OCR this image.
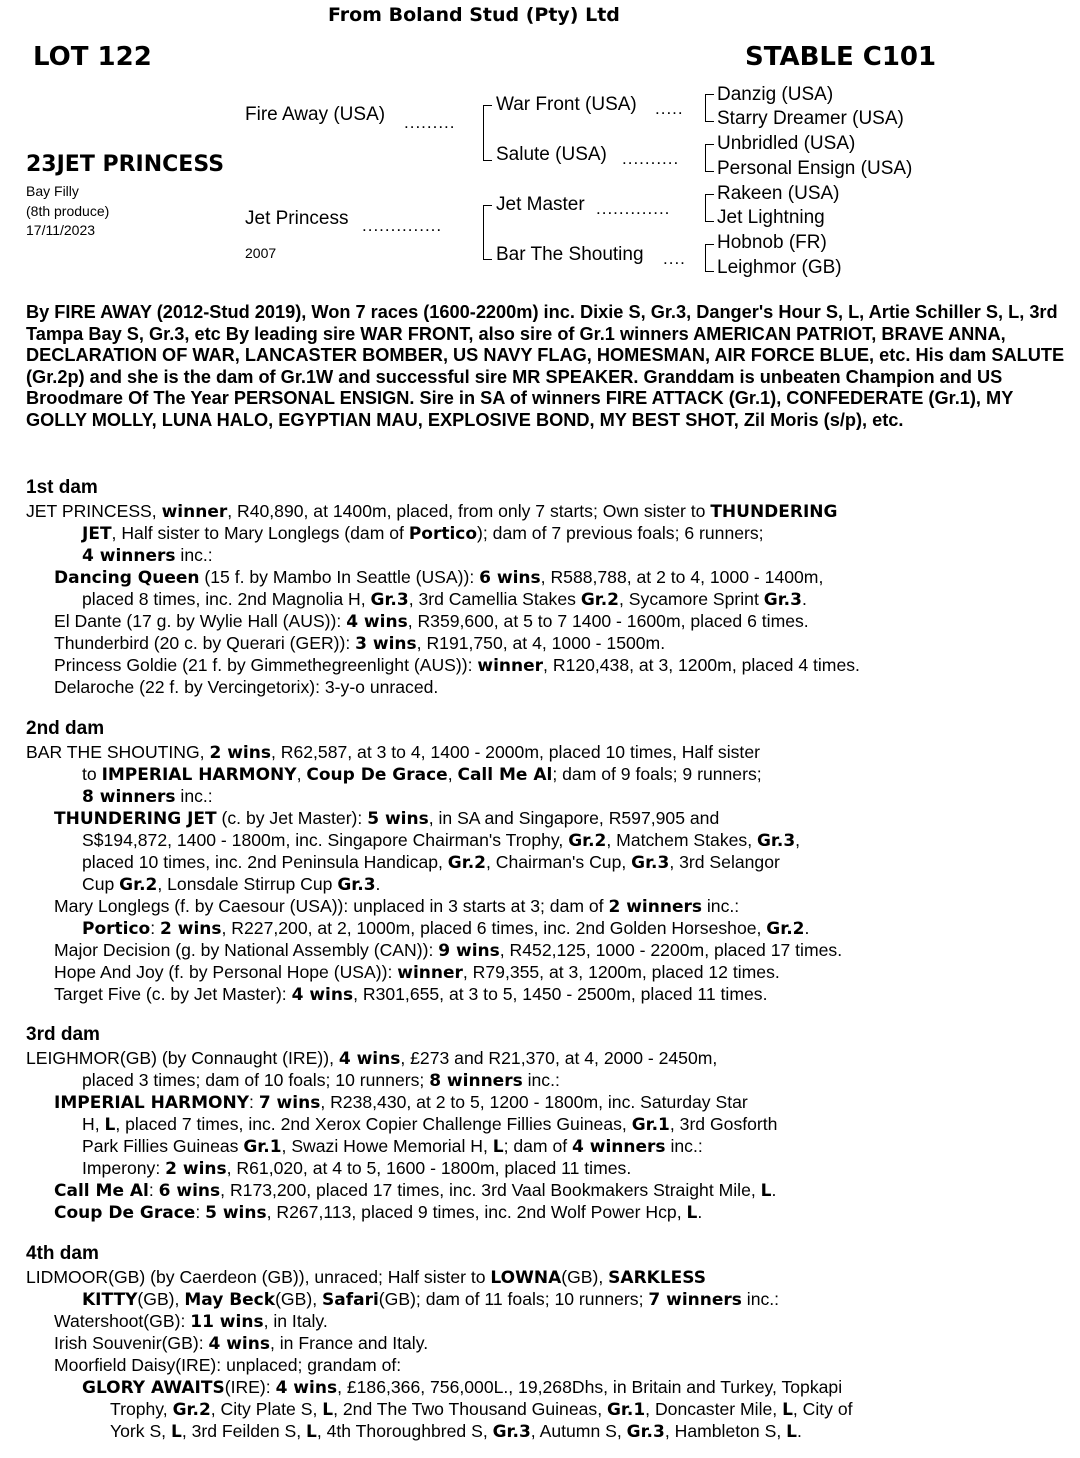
From Boland Stud (Pty) Ltd
LOT 122	STABLE C101
23JET PRINCESS
Bay Filly
(8th produce)
17/11/2023
Fire Away (USA) .........
Jet Princess ..............
2007
War Front (USA) .....
Salute (USA) ..........
Jet Master .............
Bar The Shouting ....
Danzig (USA)
Starry Dreamer (USA)
Unbridled (USA)
Personal Ensign (USA)
Rakeen (USA)
Jet Lightning
Hobnob (FR)
Leighmor (GB)
By FIRE AWAY (2012-Stud 2019), Won 7 races (1600-2200m) inc. Dixie S, Gr.3, Danger's Hour S, L, Artie Schiller S, L, 3rd Tampa Bay S, Gr.3, etc By leading sire WAR FRONT, also sire of Gr.1 winners AMERICAN PATRIOT, BRAVE ANNA, DECLARATION OF WAR, LANCASTER BOMBER, US NAVY FLAG, HOMESMAN, AIR FORCE BLUE, etc. His dam SALUTE (Gr.2p) and she is the dam of Gr.1W and successful sire MR SPEAKER. Granddam is unbeaten Champion and US Broodmare Of The Year PERSONAL ENSIGN. Sire in SA of winners FIRE ATTACK (Gr.1), CONFEDERATE (Gr.1), MY GOLLY MOLLY, LUNA HALO, EGYPTIAN MAU, EXPLOSIVE BOND, MY BEST SHOT, Zil Moris (s/p), etc.
1st dam
JET PRINCESS, winner, R40,890, at 1400m, placed, from only 7 starts; Own sister to THUNDERING
JET, Half sister to Mary Longlegs (dam of Portico); dam of 7 previous foals; 6 runners;
4 winners inc.:
Dancing Queen (15 f. by Mambo In Seattle (USA)): 6 wins, R588,788, at 2 to 4, 1000 - 1400m,
placed 8 times, inc. 2nd Magnolia H, Gr.3, 3rd Camellia Stakes Gr.2, Sycamore Sprint Gr.3.
El Dante (17 g. by Wylie Hall (AUS)): 4 wins, R359,600, at 5 to 7 1400 - 1600m, placed 6 times.
Thunderbird (20 c. by Querari (GER)): 3 wins, R191,750, at 4, 1000 - 1500m.
Princess Goldie (21 f. by Gimmethegreenlight (AUS)): winner, R120,438, at 3, 1200m, placed 4 times.
Delaroche (22 f. by Vercingetorix): 3-y-o unraced.
2nd dam
BAR THE SHOUTING, 2 wins, R62,587, at 3 to 4, 1400 - 2000m, placed 10 times, Half sister
to IMPERIAL HARMONY, Coup De Grace, Call Me Al; dam of 9 foals; 9 runners;
8 winners inc.:
THUNDERING JET (c. by Jet Master): 5 wins, in SA and Singapore, R597,905 and
S$194,872, 1400 - 1800m, inc. Singapore Chairman's Trophy, Gr.2, Matchem Stakes, Gr.3,
placed 10 times, inc. 2nd Peninsula Handicap, Gr.2, Chairman's Cup, Gr.3, 3rd Selangor
Cup Gr.2, Lonsdale Stirrup Cup Gr.3.
Mary Longlegs (f. by Caesour (USA)): unplaced in 3 starts at 3; dam of 2 winners inc.:
Portico: 2 wins, R227,200, at 2, 1000m, placed 6 times, inc. 2nd Golden Horseshoe, Gr.2.
Major Decision (g. by National Assembly (CAN)): 9 wins, R452,125, 1000 - 2200m, placed 17 times.
Hope And Joy (f. by Personal Hope (USA)): winner, R79,355, at 3, 1200m, placed 12 times.
Target Five (c. by Jet Master): 4 wins, R301,655, at 3 to 5, 1450 - 2500m, placed 11 times.
3rd dam
LEIGHMOR(GB) (by Connaught (IRE)), 4 wins, £273 and R21,370, at 4, 2000 - 2450m,
placed 3 times; dam of 10 foals; 10 runners; 8 winners inc.:
IMPERIAL HARMONY: 7 wins, R238,430, at 2 to 5, 1200 - 1800m, inc. Saturday Star
H, L, placed 7 times, inc. 2nd Xerox Copier Challenge Fillies Guineas, Gr.1, 3rd Gosforth
Park Fillies Guineas Gr.1, Swazi Howe Memorial H, L; dam of 4 winners inc.:
Imperony: 2 wins, R61,020, at 4 to 5, 1600 - 1800m, placed 11 times.
Call Me Al: 6 wins, R173,200, placed 17 times, inc. 3rd Vaal Bookmakers Straight Mile, L.
Coup De Grace: 5 wins, R267,113, placed 9 times, inc. 2nd Wolf Power Hcp, L.
4th dam
LIDMOOR(GB) (by Caerdeon (GB)), unraced; Half sister to LOWNA(GB), SARKLESS
KITTY(GB), May Beck(GB), Safari(GB); dam of 11 foals; 10 runners; 7 winners inc.:
Watershoot(GB): 11 wins, in Italy.
Irish Souvenir(GB): 4 wins, in France and Italy.
Moorfield Daisy(IRE): unplaced; grandam of:
GLORY AWAITS(IRE): 4 wins, £186,366, 756,000L., 19,268Dhs, in Britain and Turkey, Topkapi
Trophy, Gr.2, City Plate S, L, 2nd The Two Thousand Guineas, Gr.1, Doncaster Mile, L, City of
York S, L, 3rd Feilden S, L, 4th Thoroughbred S, Gr.3, Autumn S, Gr.3, Hambleton S, L.
